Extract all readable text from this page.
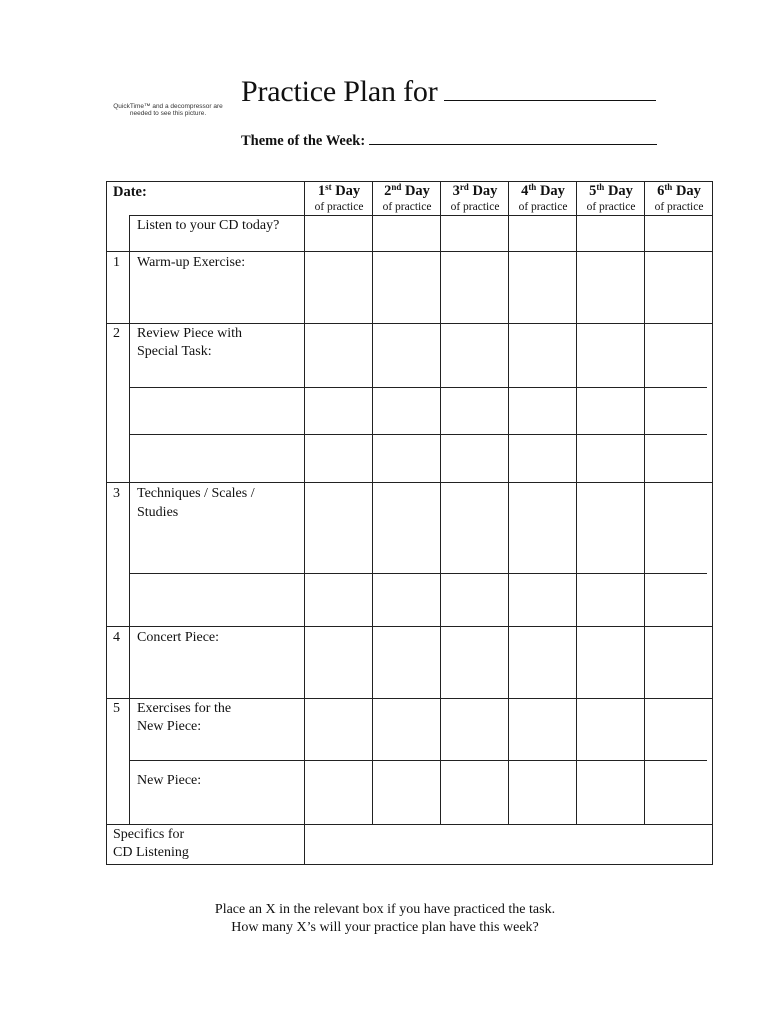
QuickTime™ and a decompressor are needed to see this picture.
Practice Plan for
Theme of the Week:
Date:	1st Day	2nd Day	3rd Day	4th Day	5th Day	6th Day
of practice	of practice	of practice	of practice	of practice	of practice
Listen to your CD today?
1 Warm-up Exercise:
2 Review Piece with
Special Task:
3 Techniques / Scales /
Studies
4 Concert Piece:
5 Exercises for the
New Piece:
New Piece:
Specifics for
CD Listening
Place an X in the relevant box if you have practiced the task.
How many X’s will your practice plan have this week?
